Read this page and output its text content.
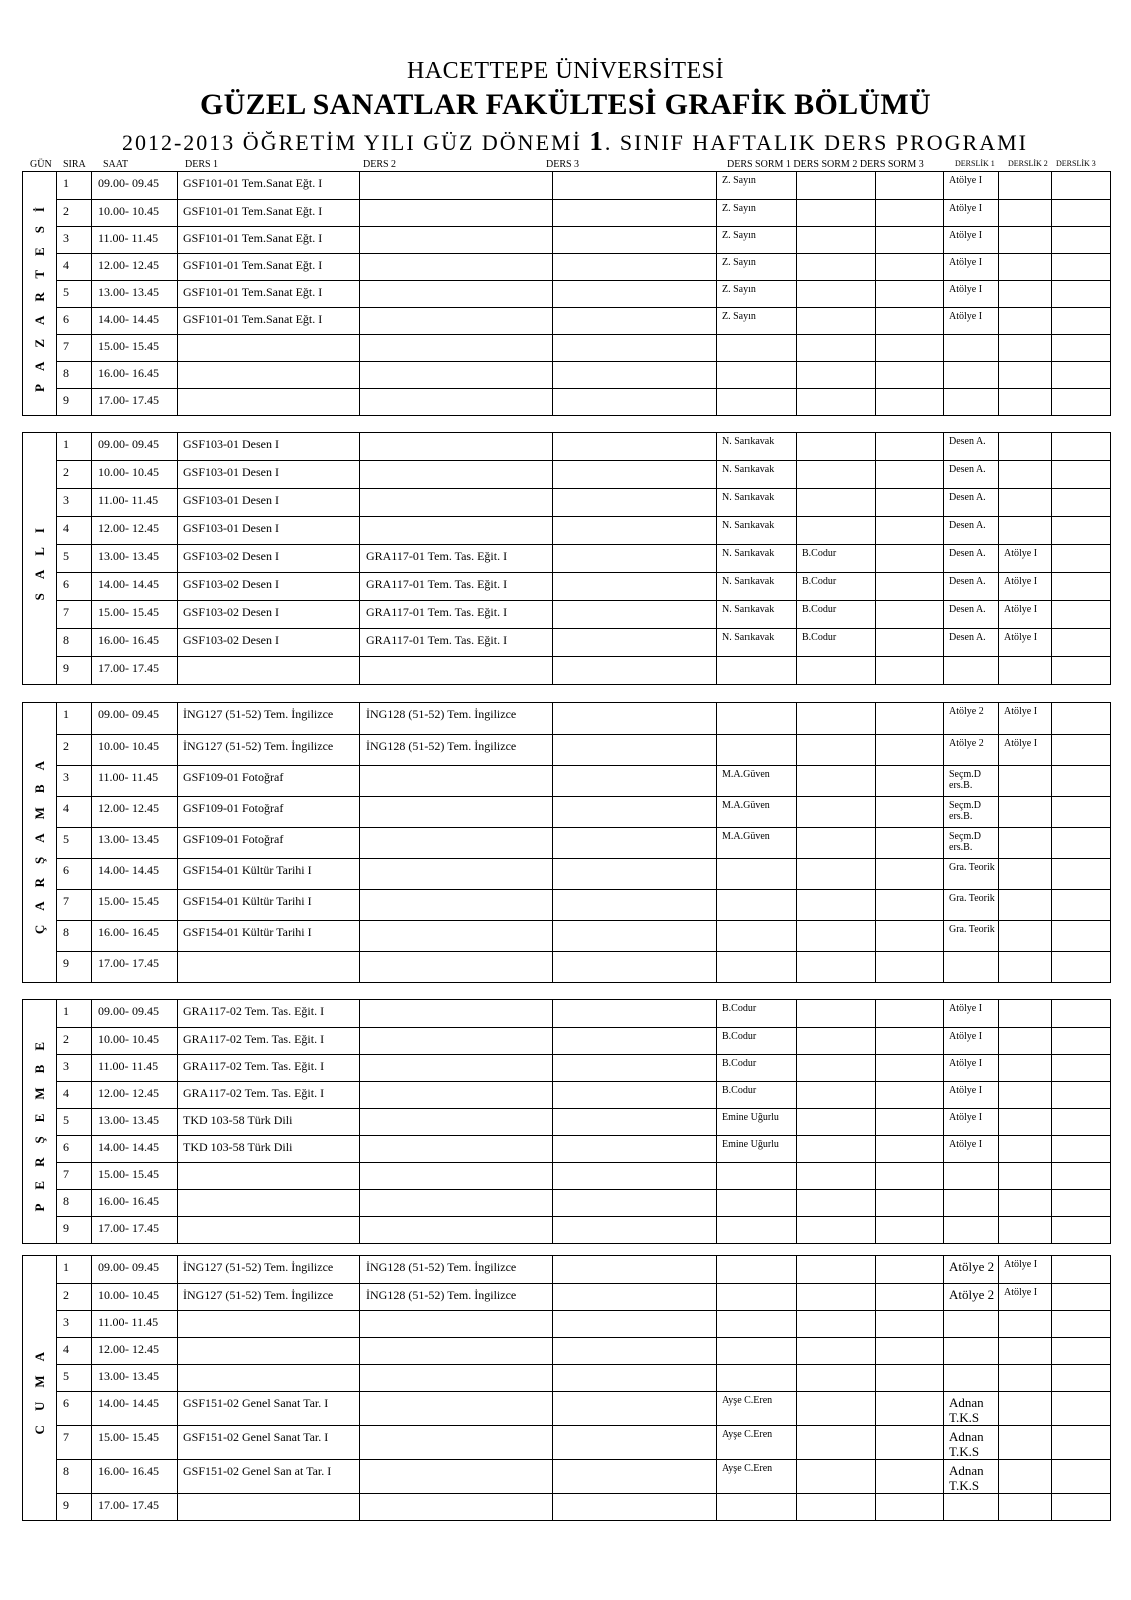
HACETTEPE ÜNİVERSİTESİ
GÜZEL SANATLAR FAKÜLTESİ GRAFİK BÖLÜMÜ
2012-2013 ÖĞRETİM YILI GÜZ DÖNEMİ 1. SINIF HAFTALIK DERS PROGRAMI
GÜN SIRA SAAT	DERS 1	DERS 2	DERS 3	DERS SORM 1 DERS SORM 2 DERS SORM 3	DERSLİK 1 DERSLİK 2 DERSLİK 3
PAZARTESİ	1	09.00- 09.45	GSF101-01 Tem.Sanat Eğt. I			Z. Sayın			Atölye I		
	2	10.00- 10.45	GSF101-01 Tem.Sanat Eğt. I			Z. Sayın			Atölye I		
	3	11.00- 11.45	GSF101-01 Tem.Sanat Eğt. I			Z. Sayın			Atölye I		
	4	12.00- 12.45	GSF101-01 Tem.Sanat Eğt. I			Z. Sayın			Atölye I		
	5	13.00- 13.45	GSF101-01 Tem.Sanat Eğt. I			Z. Sayın			Atölye I		
	6	14.00- 14.45	GSF101-01 Tem.Sanat Eğt. I			Z. Sayın			Atölye I		
	7	15.00- 15.45									
	8	16.00- 16.45									
	9	17.00- 17.45									
SALI	1	09.00- 09.45	GSF103-01 Desen I			N. Sarıkavak			Desen A.		
	2	10.00- 10.45	GSF103-01 Desen I			N. Sarıkavak			Desen A.		
	3	11.00- 11.45	GSF103-01 Desen I			N. Sarıkavak			Desen A.		
	4	12.00- 12.45	GSF103-01 Desen I			N. Sarıkavak			Desen A.		
	5	13.00- 13.45	GSF103-02 Desen I	GRA117-01 Tem. Tas. Eğit. I		N. Sarıkavak	B.Codur		Desen A.	Atölye I	
	6	14.00- 14.45	GSF103-02 Desen I	GRA117-01 Tem. Tas. Eğit. I		N. Sarıkavak	B.Codur		Desen A.	Atölye I	
	7	15.00- 15.45	GSF103-02 Desen I	GRA117-01 Tem. Tas. Eğit. I		N. Sarıkavak	B.Codur		Desen A.	Atölye I	
	8	16.00- 16.45	GSF103-02 Desen I	GRA117-01 Tem. Tas. Eğit. I		N. Sarıkavak	B.Codur		Desen A.	Atölye I	
	9	17.00- 17.45									
ÇARŞAMBA	1	09.00- 09.45	İNG127 (51-52) Tem. İngilizce	İNG128 (51-52) Tem. İngilizce					Atölye 2	Atölye I	
	2	10.00- 10.45	İNG127 (51-52) Tem. İngilizce	İNG128 (51-52) Tem. İngilizce					Atölye 2	Atölye I	
	3	11.00- 11.45	GSF109-01 Fotoğraf			M.A.Güven			Seçm.D ers.B.		
	4	12.00- 12.45	GSF109-01 Fotoğraf			M.A.Güven			Seçm.D ers.B.		
	5	13.00- 13.45	GSF109-01 Fotoğraf			M.A.Güven			Seçm.D ers.B.		
	6	14.00- 14.45	GSF154-01 Kültür Tarihi I						Gra. Teorik		
	7	15.00- 15.45	GSF154-01 Kültür Tarihi I						Gra. Teorik		
	8	16.00- 16.45	GSF154-01 Kültür Tarihi I						Gra. Teorik		
	9	17.00- 17.45									
PERŞEMBE	1	09.00- 09.45	GRA117-02 Tem. Tas. Eğit. I			B.Codur			Atölye I		
	2	10.00- 10.45	GRA117-02 Tem. Tas. Eğit. I			B.Codur			Atölye I		
	3	11.00- 11.45	GRA117-02 Tem. Tas. Eğit. I			B.Codur			Atölye I		
	4	12.00- 12.45	GRA117-02 Tem. Tas. Eğit. I			B.Codur			Atölye I		
	5	13.00- 13.45	TKD 103-58 Türk Dili			Emine Uğurlu			Atölye I		
	6	14.00- 14.45	TKD 103-58 Türk Dili			Emine Uğurlu			Atölye I		
	7	15.00- 15.45									
	8	16.00- 16.45									
	9	17.00- 17.45									
CUMA	1	09.00- 09.45	İNG127 (51-52) Tem. İngilizce	İNG128 (51-52) Tem. İngilizce					Atölye 2	Atölye I	
	2	10.00- 10.45	İNG127 (51-52) Tem. İngilizce	İNG128 (51-52) Tem. İngilizce					Atölye 2	Atölye I	
	3	11.00- 11.45									
	4	12.00- 12.45									
	5	13.00- 13.45									
	6	14.00- 14.45	GSF151-02 Genel Sanat Tar. I			Ayşe C.Eren			Adnan T.K.S		
	7	15.00- 15.45	GSF151-02 Genel Sanat Tar. I			Ayşe C.Eren			Adnan T.K.S		
	8	16.00- 16.45	GSF151-02 Genel San at Tar. I			Ayşe C.Eren			Adnan T.K.S		
	9	17.00- 17.45									
